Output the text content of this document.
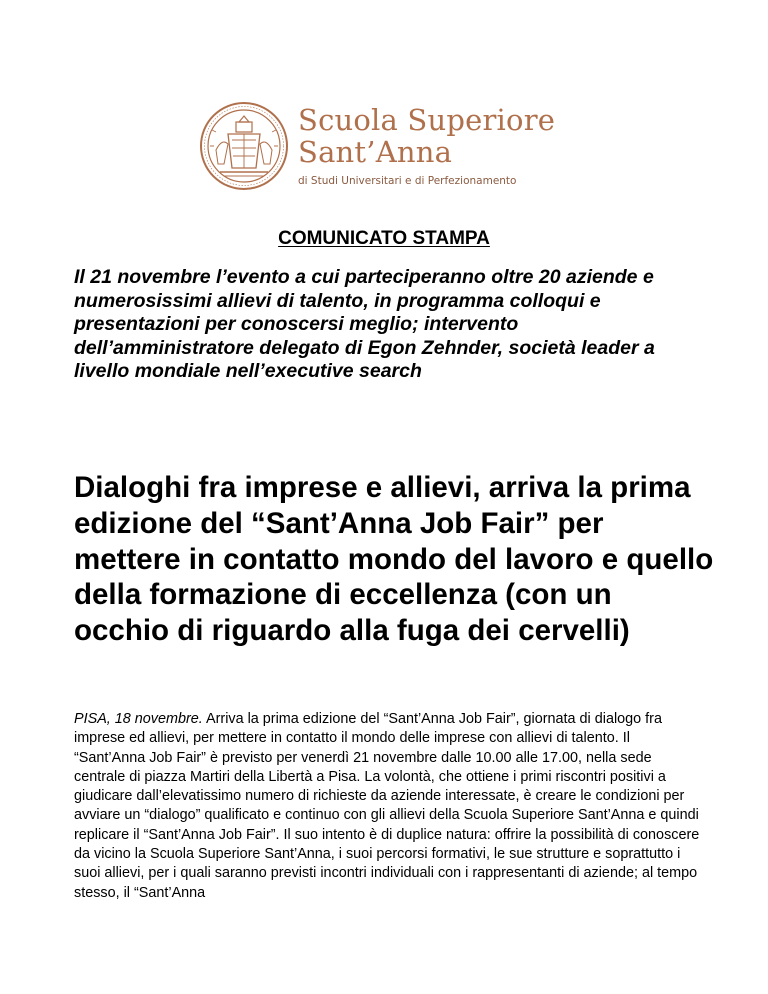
Scuola Superiore
Sant’Anna
di Studi Universitari e di Perfezionamento
COMUNICATO STAMPA

Il 21 novembre l’evento a cui parteciperanno oltre 20 aziende e numerosissimi allievi di talento, in programma colloqui e presentazioni per conoscersi meglio; intervento dell’amministratore delegato di Egon Zehnder, società leader a livello mondiale nell’executive search

Dialoghi fra imprese e allievi, arriva la prima edizione del “Sant’Anna Job Fair” per mettere in contatto mondo del lavoro e quello della formazione di eccellenza (con un occhio di riguardo alla fuga dei cervelli)

PISA, 18 novembre. Arriva la prima edizione del “Sant’Anna Job Fair”, giornata di dialogo fra imprese ed allievi, per mettere in contatto il mondo delle imprese con allievi di talento. Il “Sant’Anna Job Fair” è previsto per venerdì 21 novembre dalle 10.00 alle 17.00, nella sede centrale di piazza Martiri della Libertà a Pisa. La volontà, che ottiene i primi riscontri positivi a giudicare dall’elevatissimo numero di richieste da aziende interessate, è creare le condizioni per avviare un “dialogo” qualificato e continuo con gli allievi della Scuola Superiore Sant’Anna e quindi replicare il “Sant’Anna Job Fair”. Il suo intento è di duplice natura: offrire la possibilità di conoscere da vicino la Scuola Superiore Sant’Anna, i suoi percorsi formativi, le sue strutture e soprattutto i suoi allievi, per i quali saranno previsti incontri individuali con i rappresentanti di aziende; al tempo stesso, il “Sant’Anna
